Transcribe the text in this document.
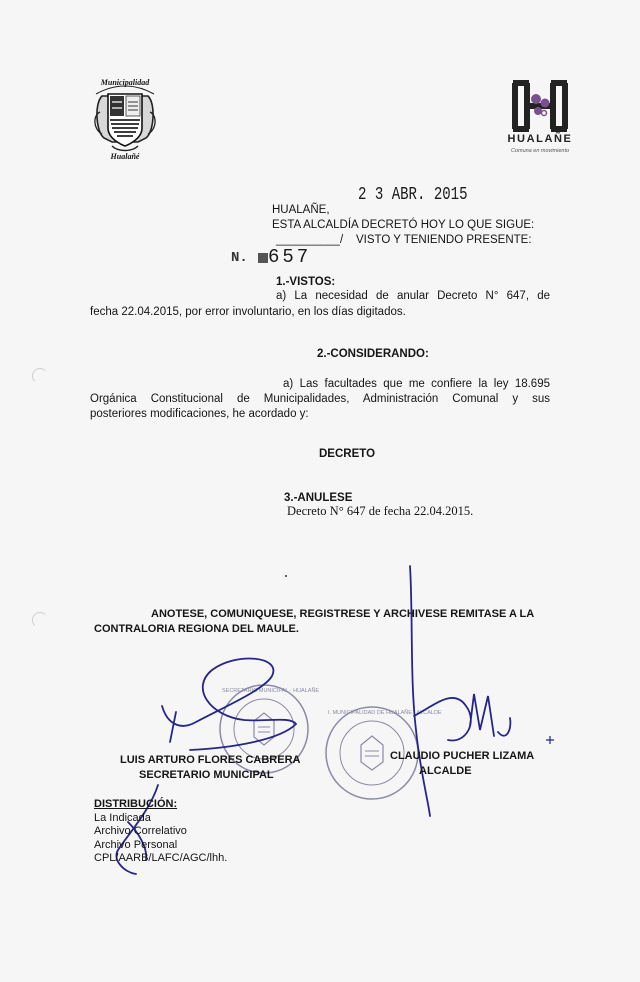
Municipalidad
Hualañé
HUALAÑE
Comuna en movimiento
2 3 ABR. 2015
HUALAÑE,
ESTA ALCALDÍA DECRETÓ HOY LO QUE SIGUE:
__________/ VISTO Y TENIENDO PRESENTE:
N. 657
1.-VISTOS:
a) La necesidad de anular Decreto N° 647, de
fecha 22.04.2015, por error involuntario, en los días digitados.
2.-CONSIDERANDO:
a) Las facultades que me confiere la ley 18.695
Orgánica Constitucional de Municipalidades, Administración Comunal y sus
posteriores modificaciones, he acordado y:
DECRETO
3.-ANULESE
Decreto N° 647 de fecha 22.04.2015.
ANOTESE, COMUNIQUESE, REGISTRESE Y ARCHIVESE REMITASE A LA
CONTRALORIA REGIONA DEL MAULE.
SECRETARIO MUNICIPAL · HUALAÑE
I. MUNICIPALIDAD DE HUALAÑE · ALCALDE
LUIS ARTURO FLORES CABRERA
SECRETARIO MUNICIPAL
CLAUDIO PUCHER LIZAMA
ALCALDE
DISTRIBUCIÓN:
La Indicada
Archivo Correlativo
Archivo Personal
CPL/AARB/LAFC/AGC/lhh.
